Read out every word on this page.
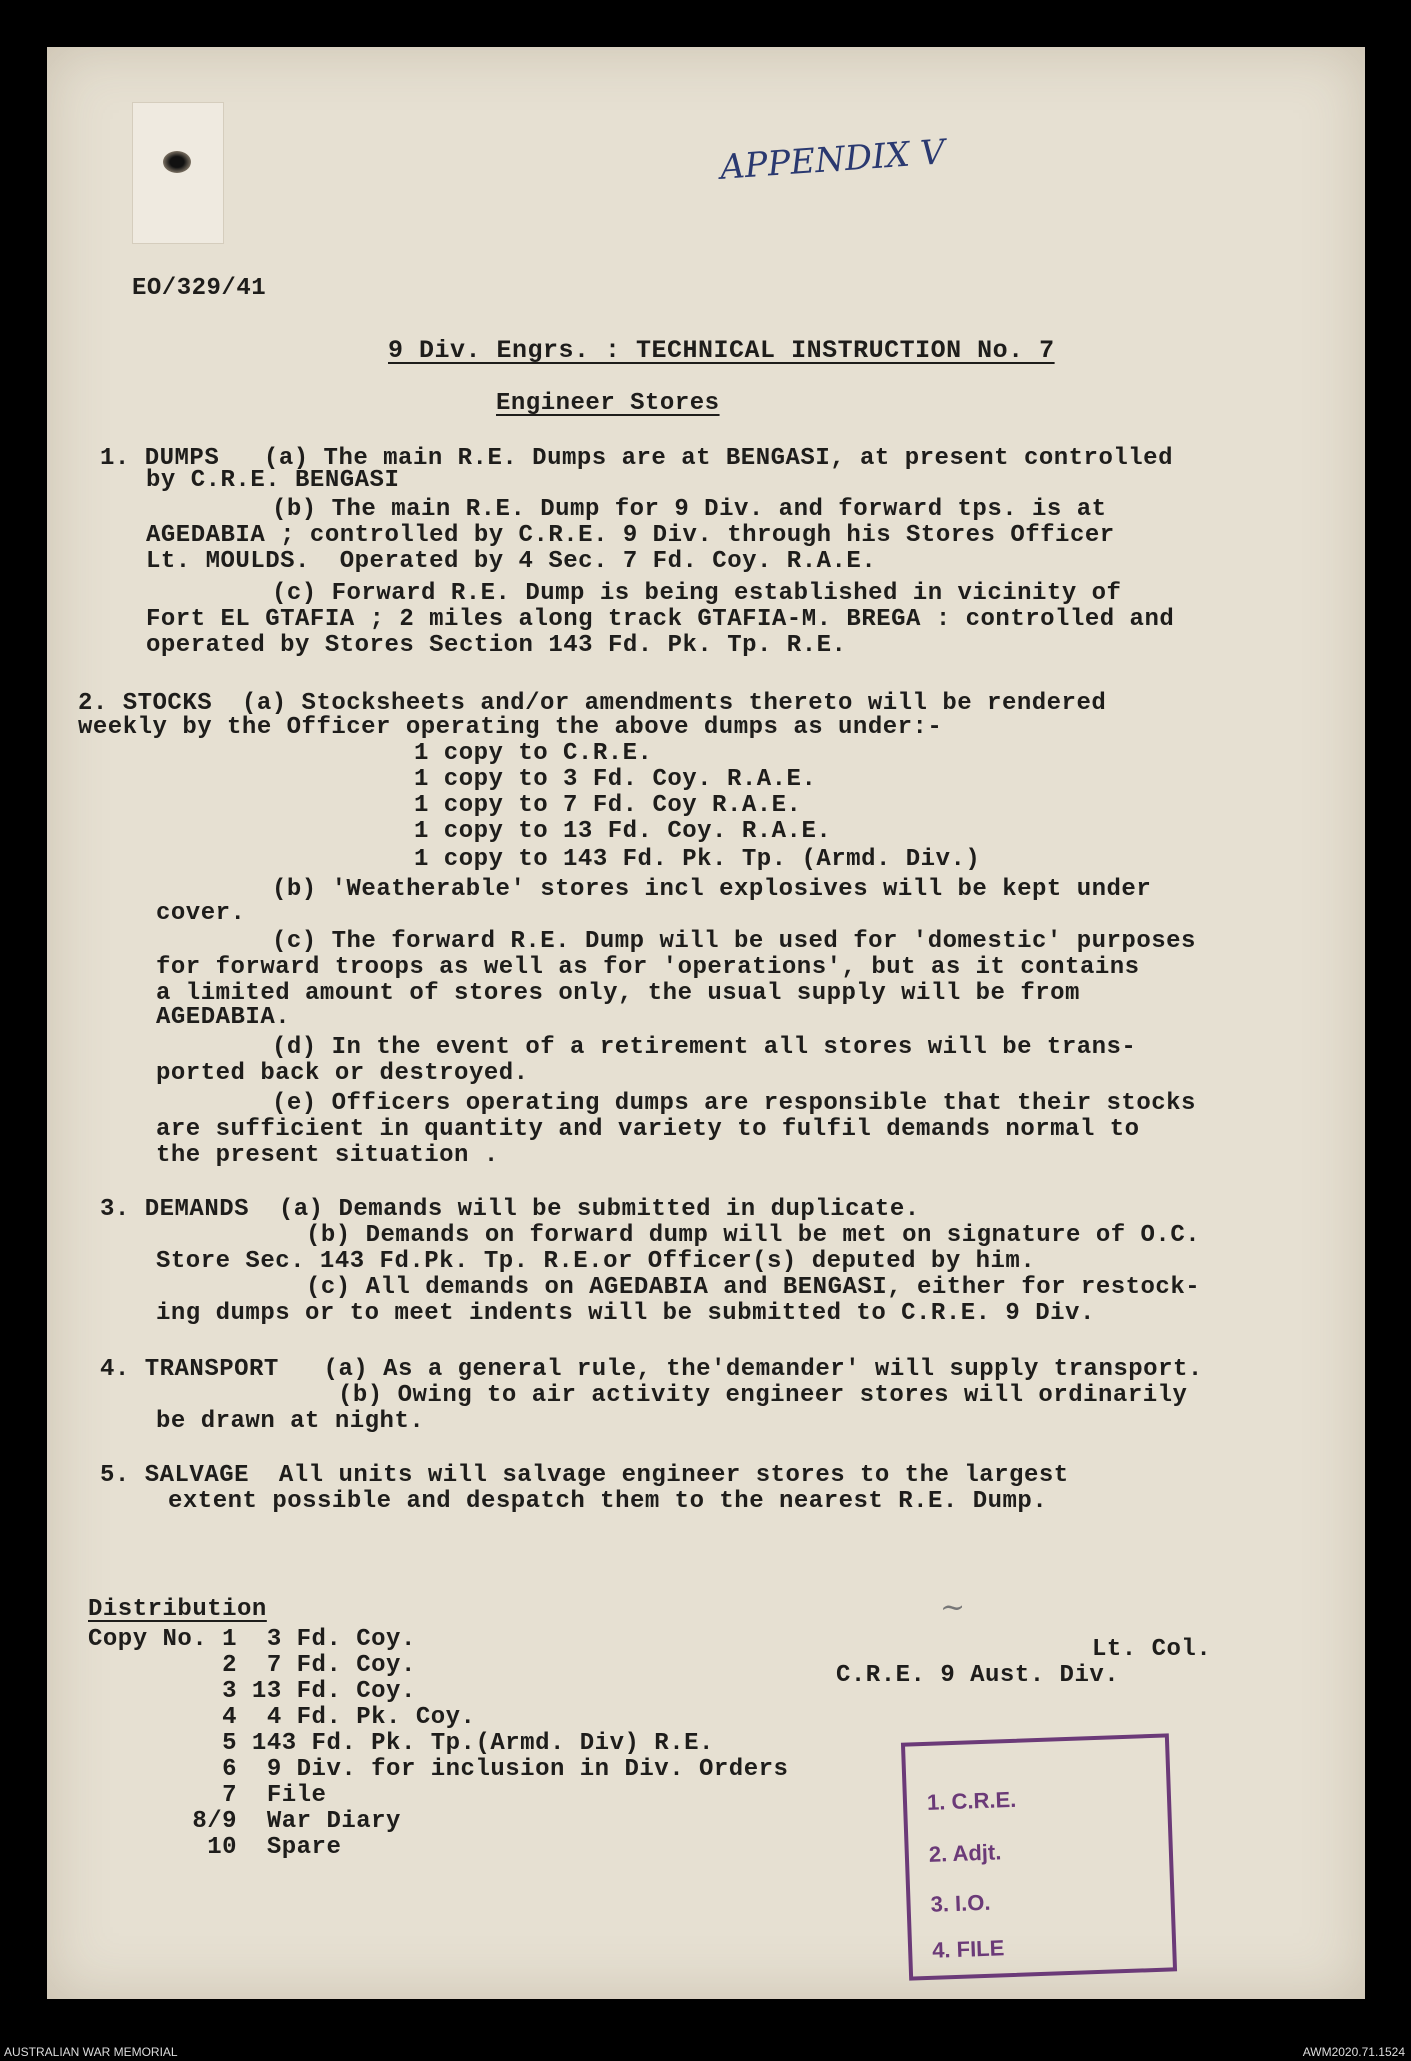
APPENDIX V
EO/329/41
9 Div. Engrs. : TECHNICAL INSTRUCTION No. 7
Engineer Stores
1. DUMPS   (a) The main R.E. Dumps are at BENGASI, at present controlled
by C.R.E. BENGASI
(b) The main R.E. Dump for 9 Div. and forward tps. is at
AGEDABIA ; controlled by C.R.E. 9 Div. through his Stores Officer
Lt. MOULDS.  Operated by 4 Sec. 7 Fd. Coy. R.A.E.
(c) Forward R.E. Dump is being established in vicinity of
Fort EL GTAFIA ; 2 miles along track GTAFIA-M. BREGA : controlled and
operated by Stores Section 143 Fd. Pk. Tp. R.E.
2. STOCKS  (a) Stocksheets and/or amendments thereto will be rendered
weekly by the Officer operating the above dumps as under:-
1 copy to C.R.E.
1 copy to 3 Fd. Coy. R.A.E.
1 copy to 7 Fd. Coy R.A.E.
1 copy to 13 Fd. Coy. R.A.E.
1 copy to 143 Fd. Pk. Tp. (Armd. Div.)
(b) 'Weatherable' stores incl explosives will be kept under
cover.
(c) The forward R.E. Dump will be used for 'domestic' purposes
for forward troops as well as for 'operations', but as it contains
a limited amount of stores only, the usual supply will be from
AGEDABIA.
(d) In the event of a retirement all stores will be trans-
ported back or destroyed.
(e) Officers operating dumps are responsible that their stocks
are sufficient in quantity and variety to fulfil demands normal to
the present situation .
3. DEMANDS  (a) Demands will be submitted in duplicate.
(b) Demands on forward dump will be met on signature of O.C.
Store Sec. 143 Fd.Pk. Tp. R.E.or Officer(s) deputed by him.
(c) All demands on AGEDABIA and BENGASI, either for restock-
ing dumps or to meet indents will be submitted to C.R.E. 9 Div.
4. TRANSPORT   (a) As a general rule, the'demander' will supply transport.
(b) Owing to air activity engineer stores will ordinarily
be drawn at night.
5. SALVAGE  All units will salvage engineer stores to the largest
extent possible and despatch them to the nearest R.E. Dump.
Distribution
Copy No. 1  3 Fd. Coy.
2  7 Fd. Coy.
3 13 Fd. Coy.
4  4 Fd. Pk. Coy.
5 143 Fd. Pk. Tp.(Armd. Div) R.E.
6  9 Div. for inclusion in Div. Orders
7  File
8/9  War Diary
10  Spare
~
Lt. Col.
C.R.E. 9 Aust. Div.
1. C.R.E.
2. Adjt.
3. I.O.
4. FILE
AUSTRALIAN WAR MEMORIAL	AWM2020.71.1524
